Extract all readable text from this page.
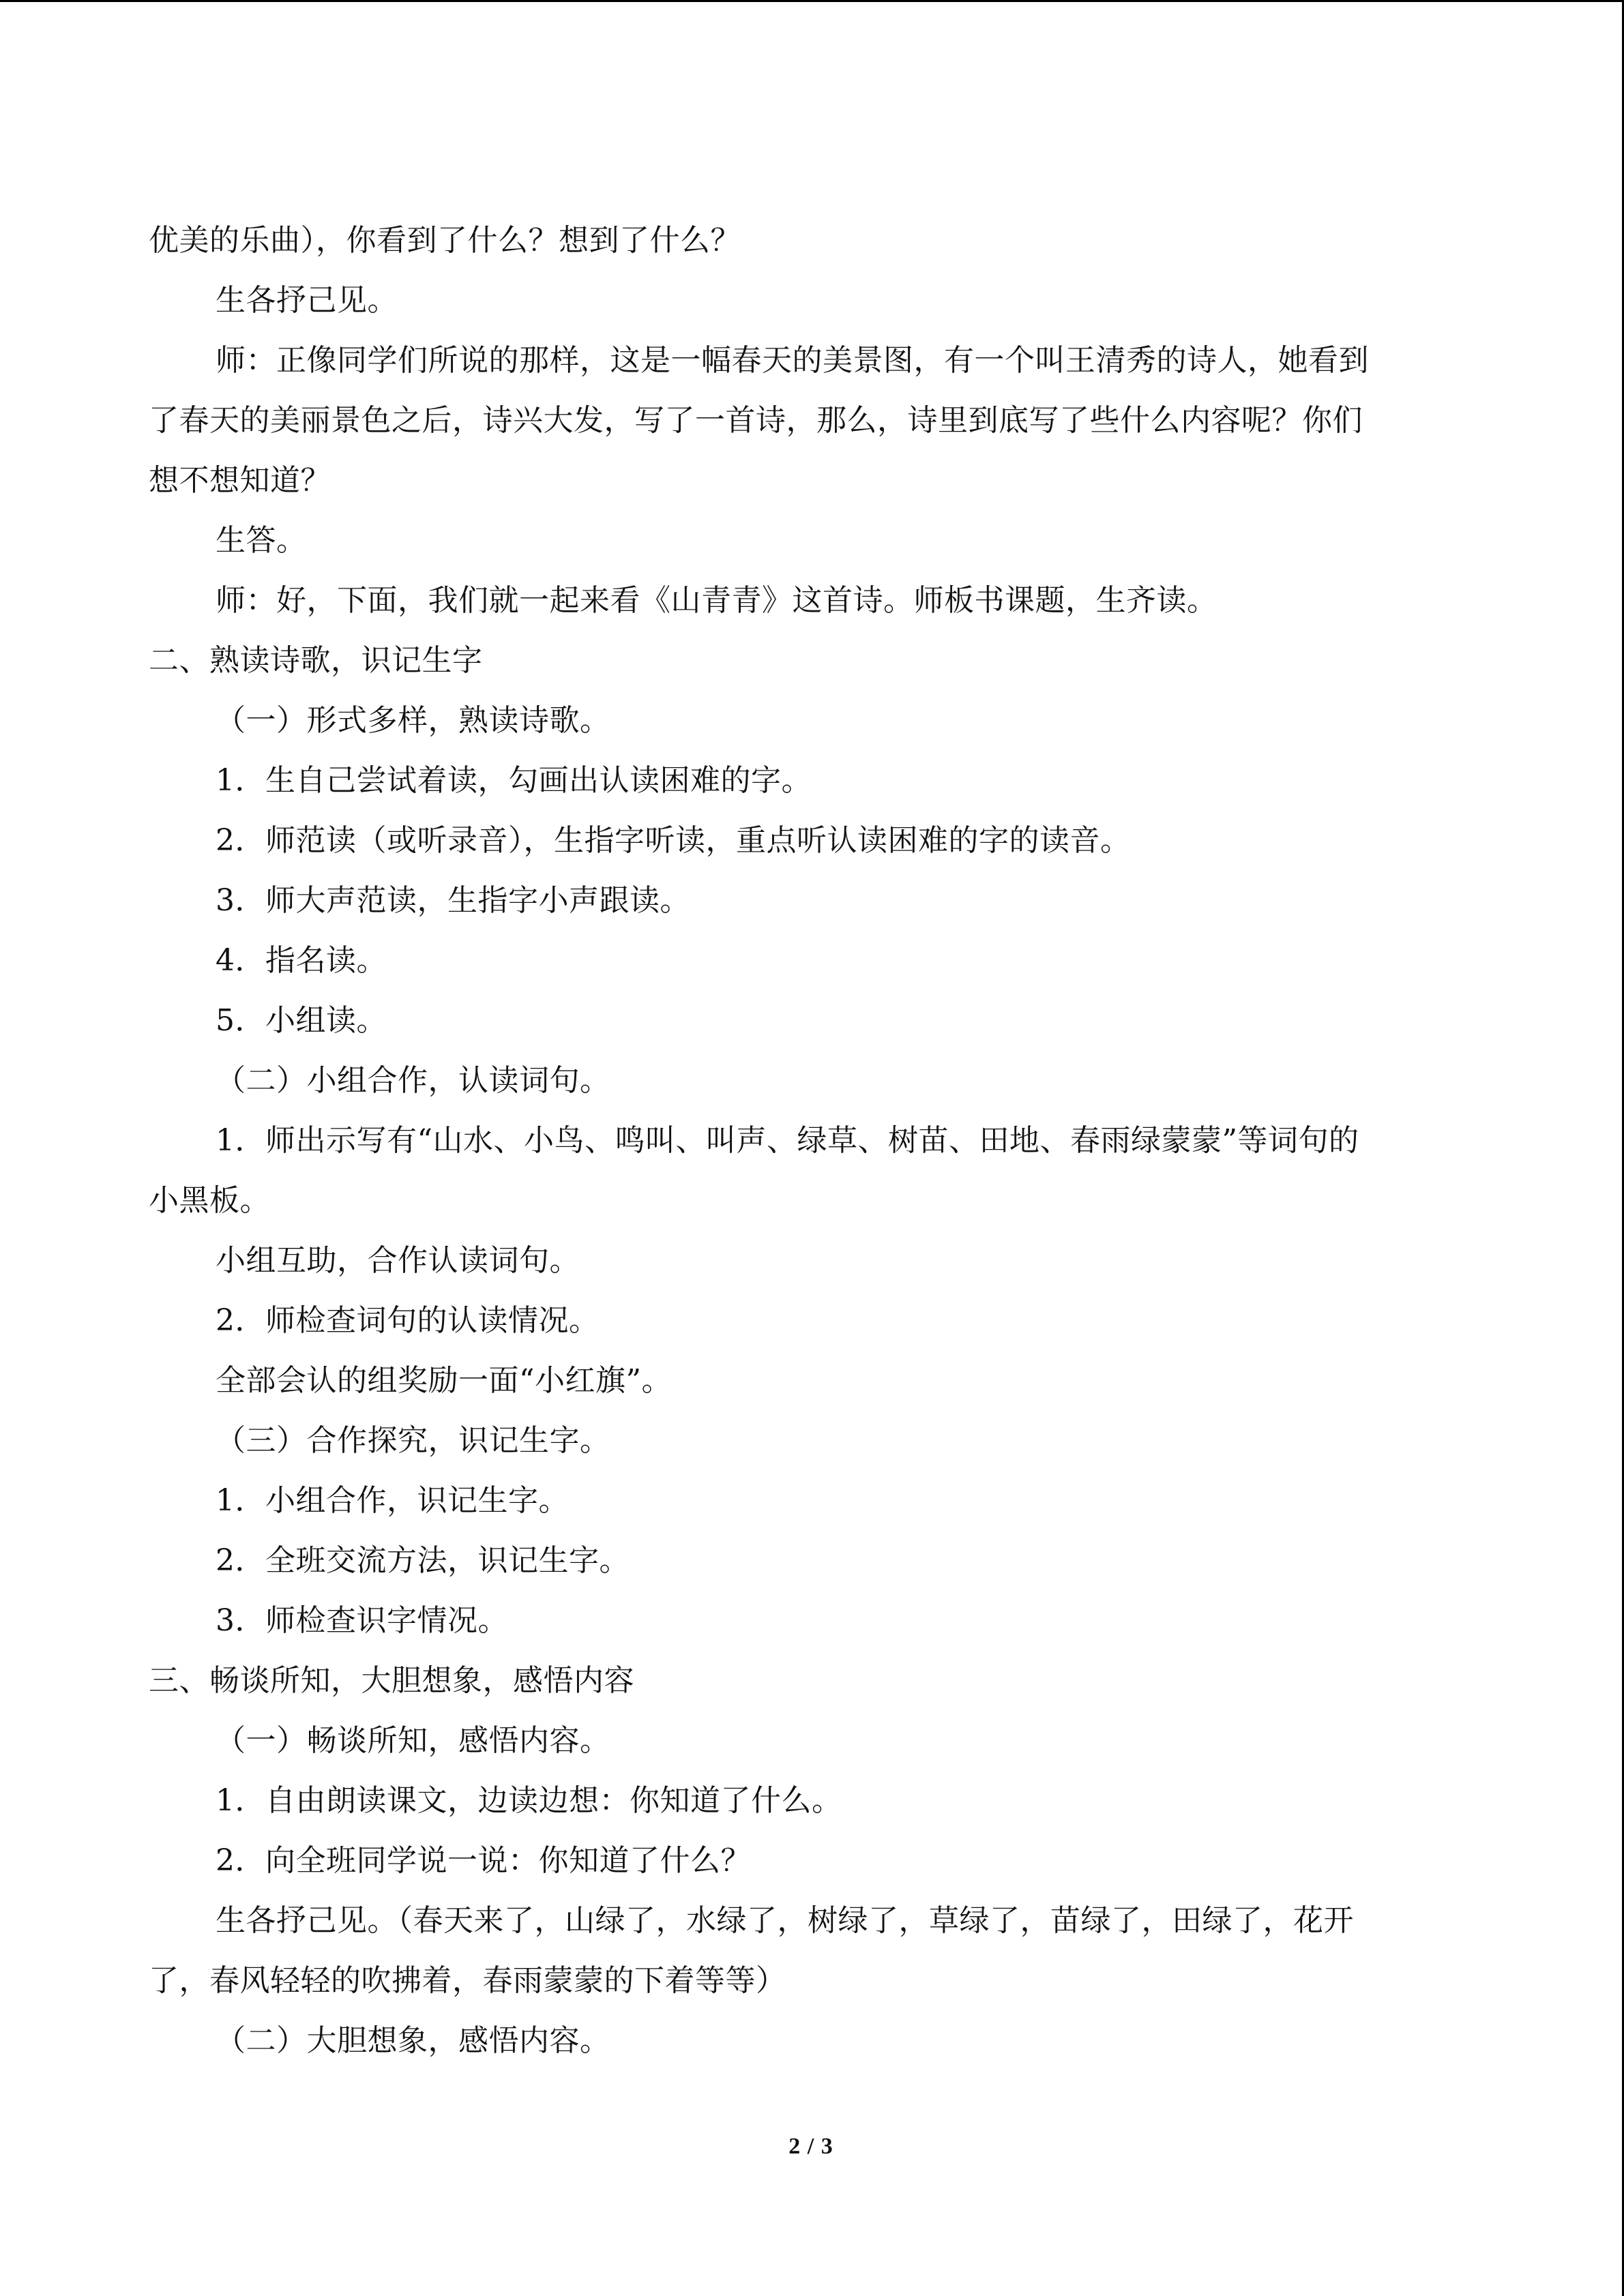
优美的乐曲），你看到了什么？想到了什么？
生各抒己见。
师：正像同学们所说的那样，这是一幅春天的美景图，有一个叫王清秀的诗人，她看到
了春天的美丽景色之后，诗兴大发，写了一首诗，那么，诗里到底写了些什么内容呢？你们
想不想知道？
生答。
师：好，下面，我们就一起来看《山青青》这首诗。师板书课题，生齐读。
二、熟读诗歌，识记生字
（一）形式多样，熟读诗歌。
1．生自己尝试着读，勾画出认读困难的字。
2．师范读（或听录音），生指字听读，重点听认读困难的字的读音。
3．师大声范读，生指字小声跟读。
4．指名读。
5．小组读。
（二）小组合作，认读词句。
1．师出示写有“山水、小鸟、鸣叫、叫声、绿草、树苗、田地、春雨绿蒙蒙”等词句的
小黑板。
小组互助，合作认读词句。
2．师检查词句的认读情况。
全部会认的组奖励一面“小红旗”。
（三）合作探究，识记生字。
1．小组合作，识记生字。
2．全班交流方法，识记生字。
3．师检查识字情况。
三、畅谈所知，大胆想象，感悟内容
（一）畅谈所知，感悟内容。
1．自由朗读课文，边读边想：你知道了什么。
2．向全班同学说一说：你知道了什么？
生各抒己见。（春天来了，山绿了，水绿了，树绿了，草绿了，苗绿了，田绿了，花开
了，春风轻轻的吹拂着，春雨蒙蒙的下着等等）
（二）大胆想象，感悟内容。
2 / 3
